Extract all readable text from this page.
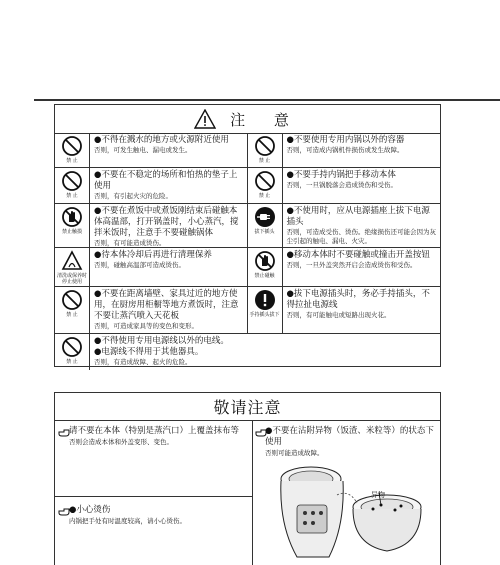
注 意
禁 止
●不得在溅水的地方或火源附近使用
否则，可发生触电、漏电或发生。
禁 止
●不要使用专用内锅以外的容器
否则，可造成内锅机件损伤或发生故障。
禁 止
●不要在不稳定的场所和怕热的垫子上使用
否则，有引起火灾的危险。	禁 止
●不要手持内锅把手移动本体
否则，一旦锅脱落会造成烫伤和受伤。
禁止触摸
●不要在煮饭中或煮饭刚结束后碰触本体高温部，打开锅盖时，小心蒸汽，搅拌米饭时，注意手不要碰触锅体
否则，有可能造成烫伤。
拔下插头
●不使用时，应从电源插座上拔下电源插头
否则，可造成受伤、烫伤。绝缘损伤还可能会因为灰尘引起的触电、漏电、火灾。
清洗或保养时停止使用
●待本体冷却后再进行清理保养
否则，碰触高温部可造成烫伤。
禁止碰触
●移动本体时不要碰触或撞击开盖按钮
否则，一旦外盖突然开启会造成烫伤和受伤。
禁 止
●不要在距离墙壁、家具过近的地方使用，在厨房用柜橱等地方煮饭时，注意不要让蒸汽喷入天花板
否则，可造成家具等的变色和变形。
手持插头拔下
●拔下电源插头时，务必手持插头，不得拉扯电源线
否则，有可能触电或短路出现火花。
禁 止
●不得使用专用电源线以外的电线。
●电源线不得用于其他器具。
否则，有造成故障、起火的危险。
敬请注意
请不要在本体（特别是蒸汽口）上覆盖抹布等
否则会造成本体和外盖变形、变色。
●小心烫伤
内锅把手处有时温度较高，请小心烫伤。
●不要在沾附异物（饭渣、米粒等）的状态下使用
否则可能造成故障。
异物
